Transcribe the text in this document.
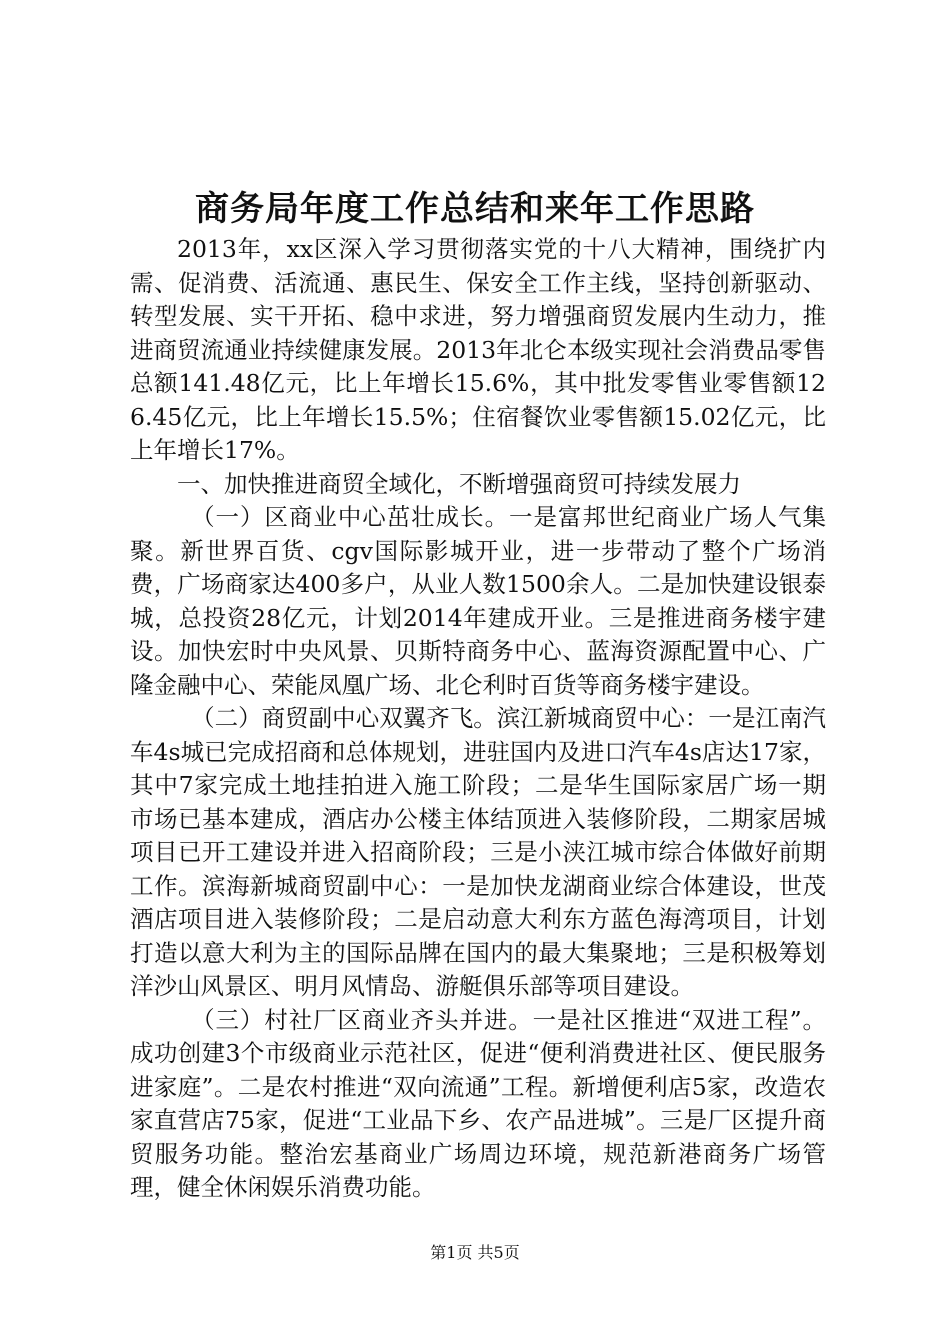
商务局年度工作总结和来年工作思路

2013年，xx区深入学习贯彻落实党的十八大精神，围绕扩内需、促消费、活流通、惠民生、保安全工作主线，坚持创新驱动、转型发展、实干开拓、稳中求进，努力增强商贸发展内生动力，推进商贸流通业持续健康发展。2013年北仑本级实现社会消费品零售总额141.48亿元，比上年增长15.6%，其中批发零售业零售额126.45亿元，比上年增长15.5%；住宿餐饮业零售额15.02亿元，比上年增长17%。

一、加快推进商贸全域化，不断增强商贸可持续发展力

（一）区商业中心茁壮成长。一是富邦世纪商业广场人气集聚。新世界百货、cgv国际影城开业，进一步带动了整个广场消费，广场商家达400多户，从业人数1500余人。二是加快建设银泰城，总投资28亿元，计划2014年建成开业。三是推进商务楼宇建设。加快宏时中央风景、贝斯特商务中心、蓝海资源配置中心、广隆金融中心、荣能凤凰广场、北仑利时百货等商务楼宇建设。

（二）商贸副中心双翼齐飞。滨江新城商贸中心：一是江南汽车4s城已完成招商和总体规划，进驻国内及进口汽车4s店达17家，其中7家完成土地挂拍进入施工阶段；二是华生国际家居广场一期市场已基本建成，酒店办公楼主体结顶进入装修阶段，二期家居城项目已开工建设并进入招商阶段；三是小浃江城市综合体做好前期工作。滨海新城商贸副中心：一是加快龙湖商业综合体建设，世茂酒店项目进入装修阶段；二是启动意大利东方蓝色海湾项目，计划打造以意大利为主的国际品牌在国内的最大集聚地；三是积极筹划洋沙山风景区、明月风情岛、游艇俱乐部等项目建设。

（三）村社厂区商业齐头并进。一是社区推进“双进工程”。成功创建3个市级商业示范社区，促进“便利消费进社区、便民服务进家庭”。二是农村推进“双向流通”工程。新增便利店5家，改造农家直营店75家，促进“工业品下乡、农产品进城”。三是厂区提升商贸服务功能。整治宏基商业广场周边环境，规范新港商务广场管理，健全休闲娱乐消费功能。

第1页 共5页
